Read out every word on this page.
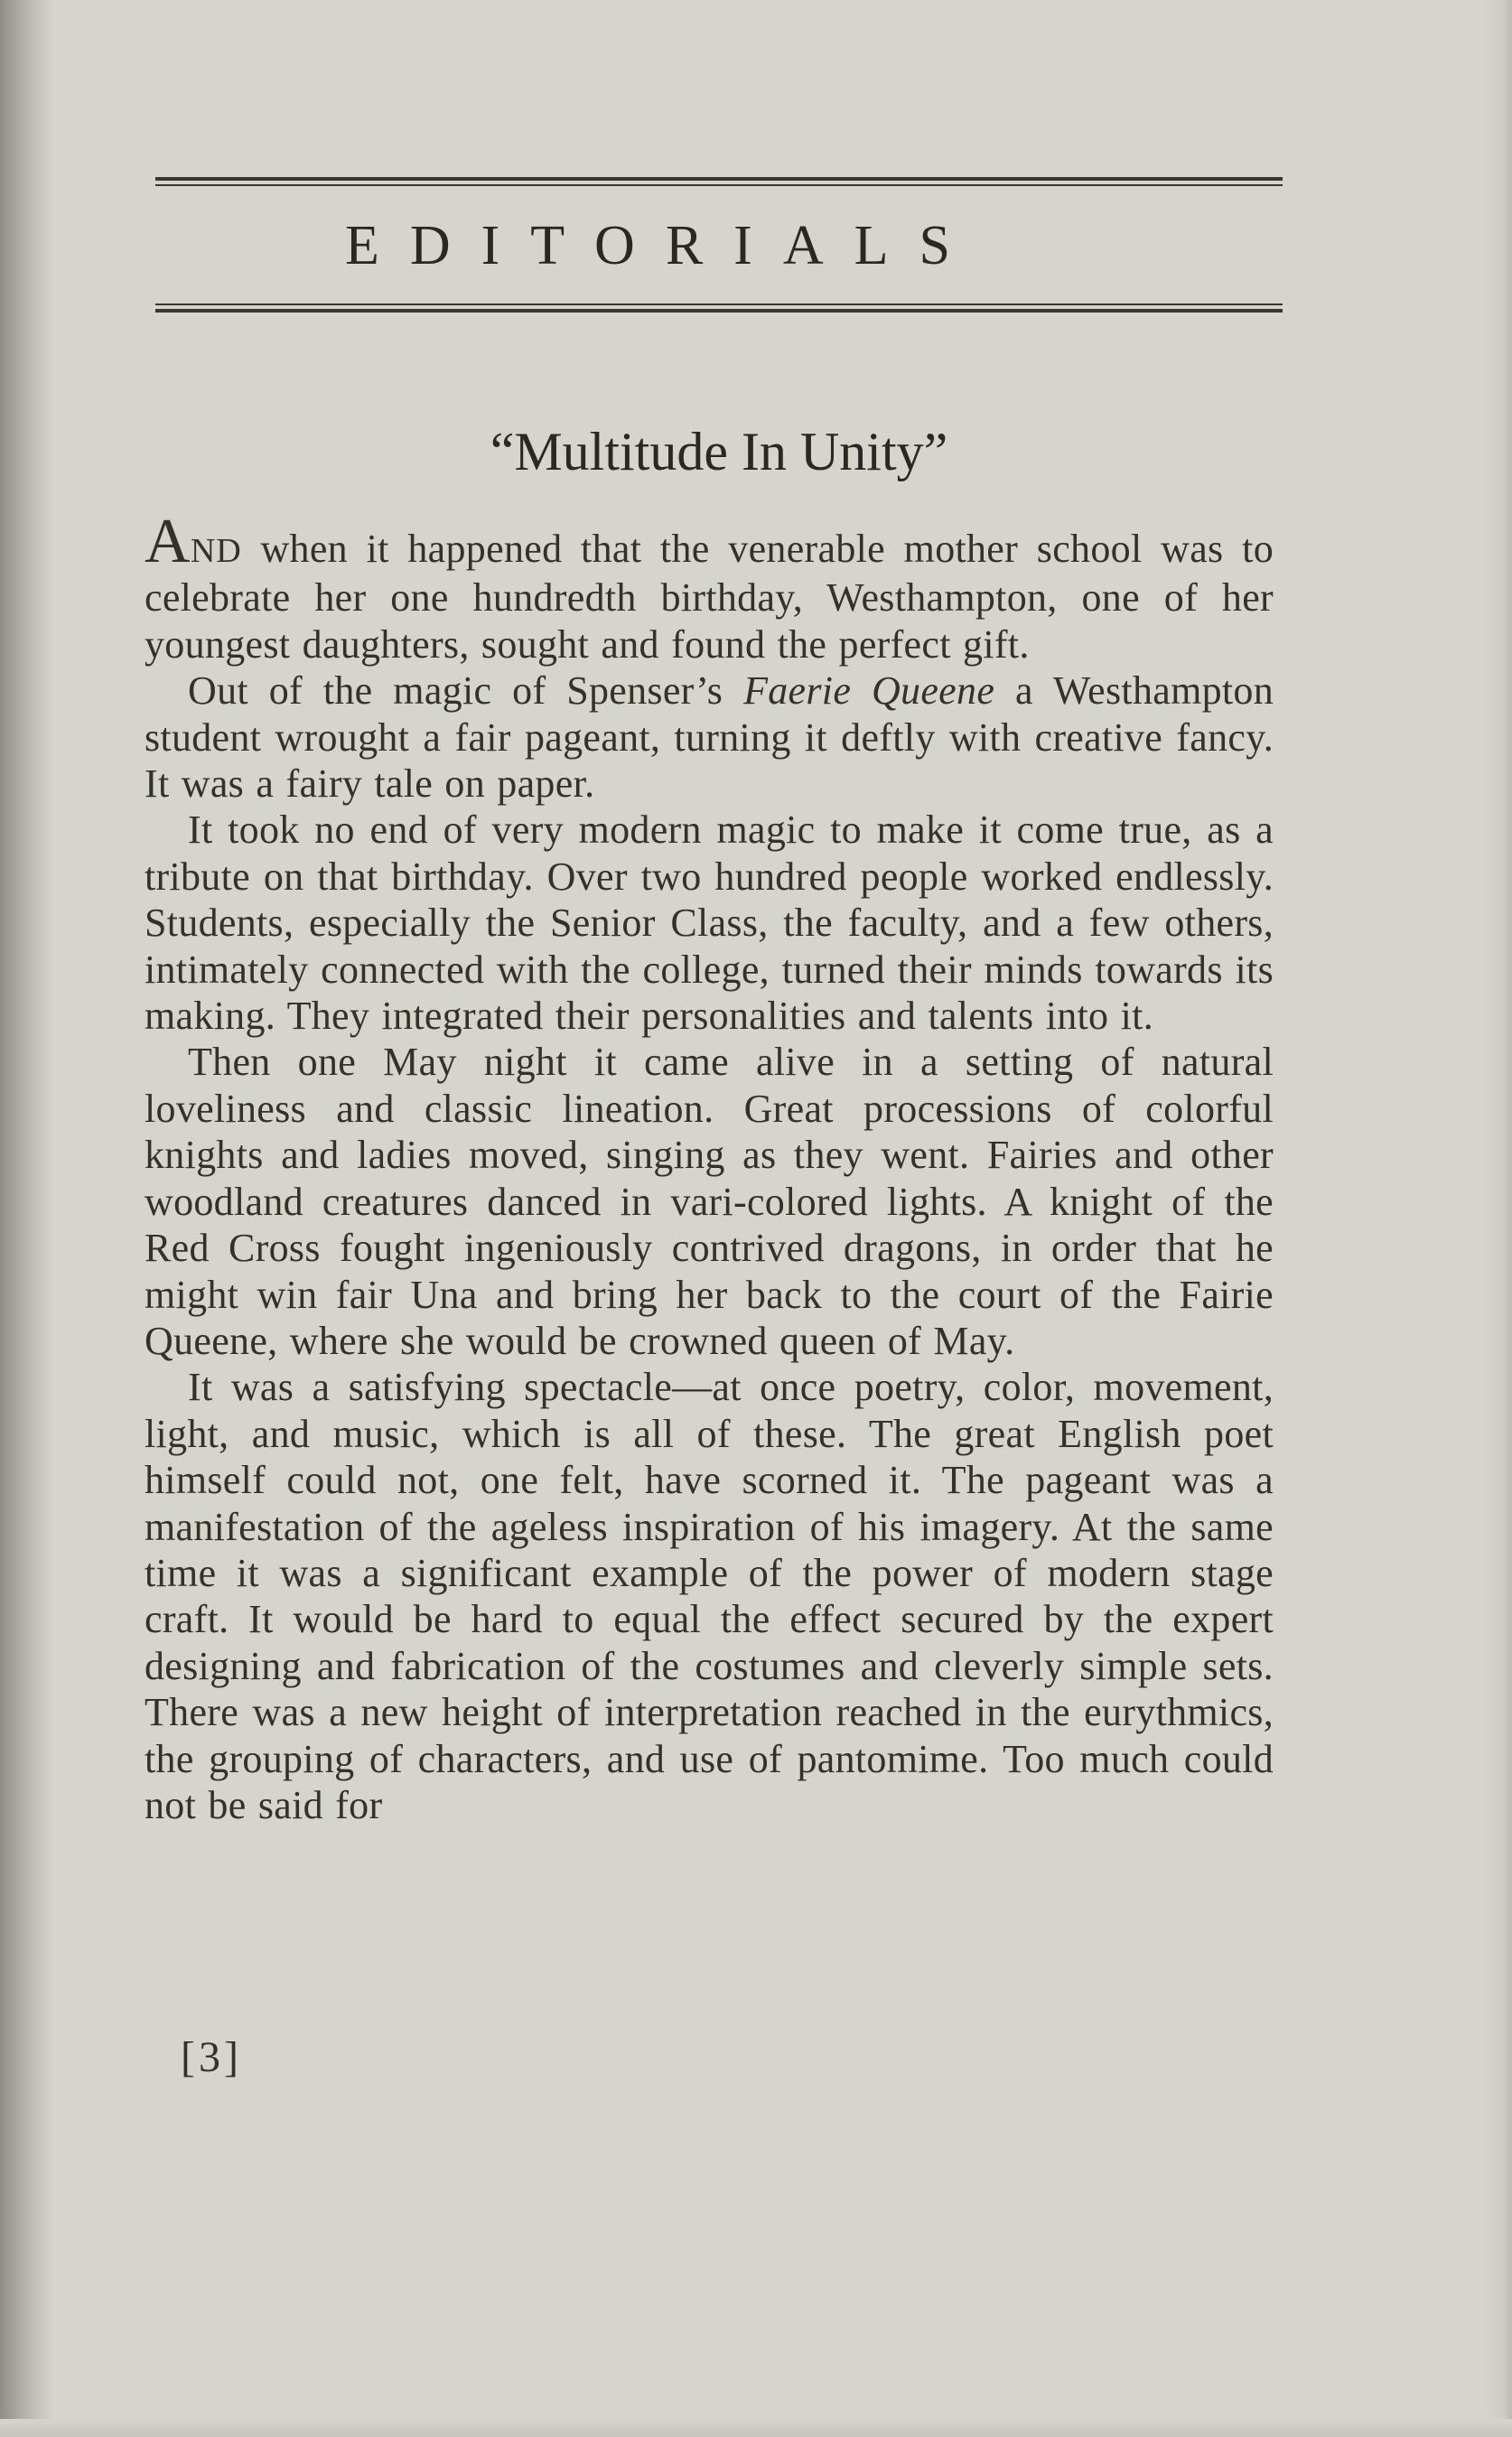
EDITORIALS
“Multitude In Unity”

AND when it happened that the venerable mother school was to celebrate her one hundredth birthday, Westhampton, one of her youngest daughters, sought and found the perfect gift.

Out of the magic of Spenser’s Faerie Queene a Westhampton student wrought a fair pageant, turning it deftly with creative fancy. It was a fairy tale on paper.

It took no end of very modern magic to make it come true, as a tribute on that birthday. Over two hundred people worked endlessly. Students, especially the Senior Class, the faculty, and a few others, intimately connected with the college, turned their minds towards its making. They integrated their personalities and talents into it.

Then one May night it came alive in a setting of natural loveliness and classic lineation. Great processions of colorful knights and ladies moved, singing as they went. Fairies and other woodland creatures danced in vari-colored lights. A knight of the Red Cross fought ingeniously contrived dragons, in order that he might win fair Una and bring her back to the court of the Fairie Queene, where she would be crowned queen of May.

It was a satisfying spectacle—at once poetry, color, movement, light, and music, which is all of these. The great English poet himself could not, one felt, have scorned it. The pageant was a manifestation of the ageless inspiration of his imagery. At the same time it was a significant example of the power of modern stage craft. It would be hard to equal the effect secured by the expert designing and fabrication of the costumes and cleverly simple sets. There was a new height of interpretation reached in the eurythmics, the grouping of characters, and use of pantomime. Too much could not be said for

[3]
